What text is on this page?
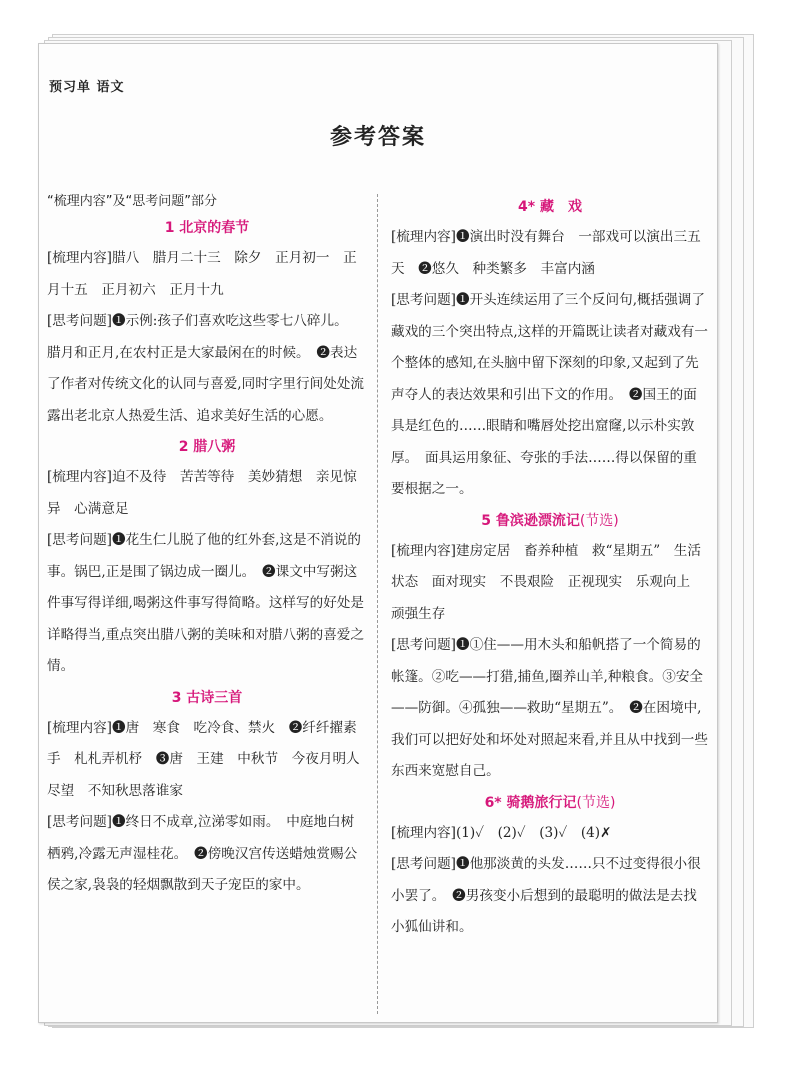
预习单 语文
参考答案
“梳理内容”及“思考问题”部分
1 北京的春节

[梳理内容]腊八　腊月二十三　除夕　正月初一　正月十五　正月初六　正月十九

[思考问题]❶示例:孩子们喜欢吃这些零七八碎儿。　腊月和正月,在农村正是大家最闲在的时候。　❷表达了作者对传统文化的认同与喜爱,同时字里行间处处流露出老北京人热爱生活、追求美好生活的心愿。

2 腊八粥

[梳理内容]迫不及待　苦苦等待　美妙猜想　亲见惊异　心满意足

[思考问题]❶花生仁儿脱了他的红外套,这是不消说的事。锅巴,正是围了锅边成一圈儿。　❷课文中写粥这件事写得详细,喝粥这件事写得简略。这样写的好处是详略得当,重点突出腊八粥的美味和对腊八粥的喜爱之情。

3 古诗三首

[梳理内容]❶唐　寒食　吃冷食、禁火　❷纤纤擢素手　札札弄机杼　❸唐　王建　中秋节　今夜月明人尽望　不知秋思落谁家

[思考问题]❶终日不成章,泣涕零如雨。　中庭地白树栖鸦,冷露无声湿桂花。　❷傍晚汉宫传送蜡烛赏赐公侯之家,袅袅的轻烟飘散到天子宠臣的家中。

4* 藏　戏

[梳理内容]❶演出时没有舞台　一部戏可以演出三五天　❷悠久　种类繁多　丰富内涵

[思考问题]❶开头连续运用了三个反问句,概括强调了藏戏的三个突出特点,这样的开篇既让读者对藏戏有一个整体的感知,在头脑中留下深刻的印象,又起到了先声夺人的表达效果和引出下文的作用。　❷国王的面具是红色的……眼睛和嘴唇处挖出窟窿,以示朴实敦厚。　面具运用象征、夸张的手法……得以保留的重要根据之一。

5 鲁滨逊漂流记(节选)

[梳理内容]建房定居　畜养种植　救“星期五”　生活状态　面对现实　不畏艰险　正视现实　乐观向上　顽强生存

[思考问题]❶①住——用木头和船帆搭了一个简易的帐篷。②吃——打猎,捕鱼,圈养山羊,种粮食。③安全——防御。④孤独——救助“星期五”。　❷在困境中,我们可以把好处和坏处对照起来看,并且从中找到一些东西来宽慰自己。

6* 骑鹅旅行记(节选)

[梳理内容](1)✓　(2)✓　(3)✓　(4)✗

[思考问题]❶他那淡黄的头发……只不过变得很小很小罢了。　❷男孩变小后想到的最聪明的做法是去找小狐仙讲和。
